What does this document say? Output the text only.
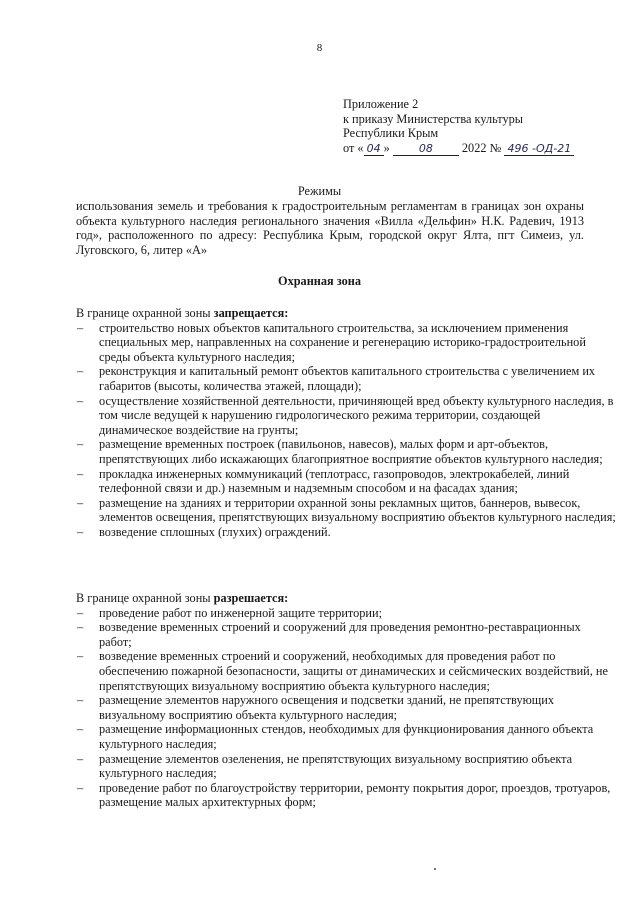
8
Приложение 2
к приказу Министерства культуры
Республики Крым
от « 04 »	08 2022 № 496 -ОД-21
Режимы
использования земель и требования к градостроительным регламентам в границах зон охраны объекта культурного наследия регионального значения «Вилла «Дельфин» Н.К. Радевич, 1913 год», расположенного по адресу: Республика Крым, городской округ Ялта, пгт Симеиз, ул. Луговского, 6, литер «А»
Охранная зона

В границе охранной зоны запрещается:

– строительство новых объектов капитального строительства, за исключением применения специальных мер, направленных на сохранение и регенерацию историко-градостроительной среды объекта культурного наследия;
– реконструкция и капитальный ремонт объектов капитального строительства с увеличением их габаритов (высоты, количества этажей, площади);
– осуществление хозяйственной деятельности, причиняющей вред объекту культурного наследия, в том числе ведущей к нарушению гидрологического режима территории, создающей динамическое воздействие на грунты;
– размещение временных построек (павильонов, навесов), малых форм и арт-объектов, препятствующих либо искажающих благоприятное восприятие объектов культурного наследия;
– прокладка инженерных коммуникаций (теплотрасс, газопроводов, электрокабелей, линий телефонной связи и др.) наземным и надземным способом и на фасадах здания;
– размещение на зданиях и территории охранной зоны рекламных щитов, баннеров, вывесок, элементов освещения, препятствующих визуальному восприятию объектов культурного наследия;
– возведение сплошных (глухих) ограждений.

В границе охранной зоны разрешается:

– проведение работ по инженерной защите территории;
– возведение временных строений и сооружений для проведения ремонтно-реставрационных работ;
– возведение временных строений и сооружений, необходимых для проведения работ по обеспечению пожарной безопасности, защиты от динамических и сейсмических воздействий, не препятствующих визуальному восприятию объекта культурного наследия;
– размещение элементов наружного освещения и подсветки зданий, не препятствующих визуальному восприятию объекта культурного наследия;
– размещение информационных стендов, необходимых для функционирования данного объекта культурного наследия;
– размещение элементов озеленения, не препятствующих визуальному восприятию объекта культурного наследия;
– проведение работ по благоустройству территории, ремонту покрытия дорог, проездов, тротуаров, размещение малых архитектурных форм;
